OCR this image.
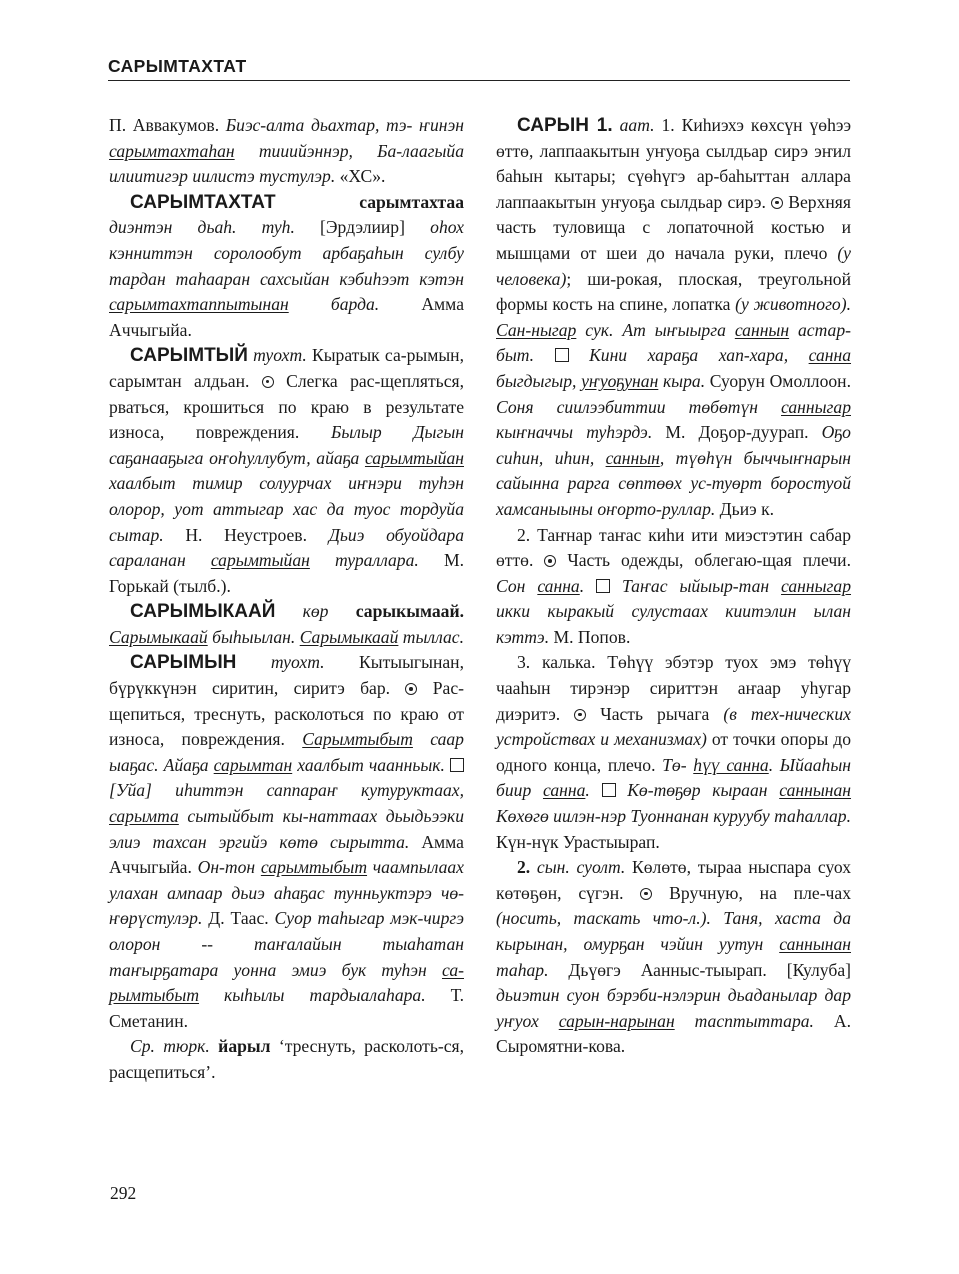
САРЫМТАХТАТ

П. Аввакумов. Биэс-алта дьахтар, тэ- ҥинэн сарымтахтаһан тииийэннэр, Ба-лаагыйа илиитигэр иилистэ тустулэр. «ХС».

САРЫМТАХТАТ	сарымтахтаа диэнтэн дьаһ. туһ. [Эрдэлиир] оһох кэнниттэн соролообут арбаҕаһын сулбу тардан таһааран сахсыйан кэбиһээт кэтэн сарымтахтаппытынан барда. Амма Аччыгыйа.

САРЫМТЫЙ туохт. Кыратык са-рымын, сарымтан алдьан.  Слегка рас-щепляться, рваться, крошиться по краю в результате износа, повреждения. Былыр Дыгын саҕанааҕыга оҥоһуллубут, айаҕа сарымтыйан хаалбыт тимир солуурчах иҥнэри туһэн олорор, уот аттыгар хас да туос тордуйа сытар. Н. Неустроев. Дьиэ обуойдара сараланан сарымтыйан туралл͏ара. М. Горькай (тылб.).

САРЫМЫКААЙ көр сарыкымаай. Сарымыкаай быһыылан. Сарымыкаай тыллас.

САРЫМЫН туохт. Кытыыгынан, бүрүккүнэн сиритин, сиритэ бар.  Рас-щепиться, треснуть, расколоться по краю от износа, повреждения. Сарымтыбыт саар ыаҕас. Айаҕа сарымтан хаалбыт чаанньык.  [Уйа] иһиттэн саппараҥ кутуруктаах, сарымта сытыйбыт кы-наттаах дьыдьээки элиэ тахсан эргийэ көтө сырытта. Амма Аччыгыйа. Он-тон сарымтыбыт чаампылаах улахан ампаар дьиэ аһаҕас тунньуктэрэ чө- ҥөрүстулэр. Д. Таас. Суор таһыгар мэк-чиргэ олорон -- таҥалайын тыаһатан таҥырҕатара уонна эмиэ бук туһэн са-рымтыбыт кыһылы тардыалаһара. Т. Сметанин.

Ср. тюрк. йарыл ‘треснуть, расколоть-ся, расщепиться’.

САРЫН 1. аат. 1. Киһиэхэ көхсүн үөһээ өттө, лаппаакытын уҥуоҕа сылдьар сирэ эҥил баһын кытары; сүөһүгэ ар-баһыттан аллара лаппаакытын уҥуоҕа сылдьар сирэ.  Верхняя часть туловища с лопаточной костью и мышцами от шеи до начала руки, плечо (у человека); ши-рокая, плоская, треугольной формы кость на спине, лопатка (у животного). Сан-ныгар сук. Ат ыҥыырга саннын астар-быт.  Кини хараҕа хап-хара, санна быгдыгыр, уҥуоҕунан кыра. Суорун Омоллоон. Соня сиилээбиттии төбөтүн санныгар кыҥначчы туһэрдэ. М. Доҕор-дуурап. Оҕо сиһин, иһин, саннын, түөһүн быччыҥнарын сайынна рарга сөптөөх ус-туөрт боростуой хамсаныыны оҥорто-руллар. Дьиэ к.

2. Таҥнар таҥас киһи ити миэстэтин сабар өттө.  Часть одежды, облегаю-щая плечи. Сон санна.  Таҥас ыйыыр-тан санныгар икки кыракый сулустаах киитэлин ылан кэттэ. М. Попов.

3. калька. Төһүү эбэтэр туох эмэ төһүү чааһын тирэнэр сириттэн аҥаар уһугар диэритэ.  Часть рычага (в тех-нических устройствах и механизмах) от точки опоры до одного конца, плечо. Тө- һүү санна. Ыйааһын биир санна.  Кө-төҕөр кыраан саннынан Көхөгө иилэн-нэр Туоннанан куруубу таһаллар. Күн-нүк Урастыырап.

2. сын. суолт. Көлөтө, тыраа ныспара суох көтөҕөн, сүгэн.  Вручную, на пле-чах (носить, таскать что-л.). Таня, хаста да кырынан, омурҕан чэйин уутун саннынан таһар. Дьүөгэ Аанныс-тыырап. [Кулуба] дьиэтин суон бэрэби-нэлэрин дьаданылар дар уҥуох сарын-нарынан тасптыттара. А. Сыромятни-кова.

292
